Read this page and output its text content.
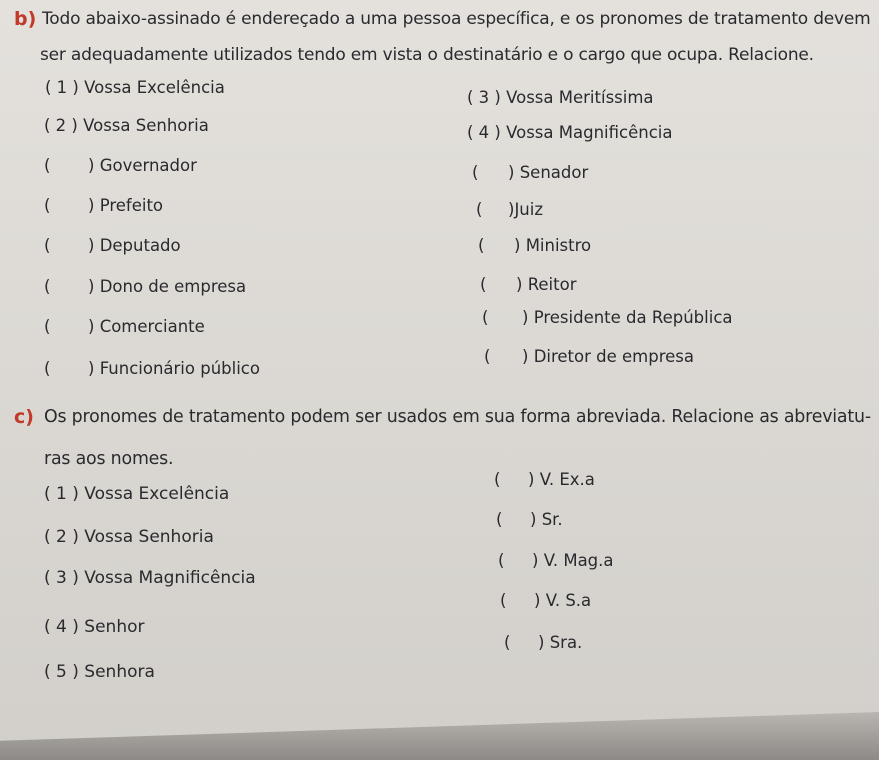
b) Todo abaixo-assinado é endereçado a uma pessoa específica, e os pronomes de tratamento devem
ser adequadamente utilizados tendo em vista o destinatário e o cargo que ocupa. Relacione.
( 1 ) Vossa Excelência
( 2 ) Vossa Senhoria
( 3 ) Vossa Meritíssima
( 4 ) Vossa Magnificência
( ) Governador
( ) Prefeito
( ) Deputado
( ) Dono de empresa
( ) Comerciante
( ) Funcionário público
( ) Senador
( )Juiz
( ) Ministro
( ) Reitor
( ) Presidente da República
( ) Diretor de empresa
c) Os pronomes de tratamento podem ser usados em sua forma abreviada. Relacione as abreviatu-
ras aos nomes.
( 1 ) Vossa Excelência
( 2 ) Vossa Senhoria
( 3 ) Vossa Magnificência
( 4 ) Senhor
( 5 ) Senhora
( ) V. Ex.a
( ) Sr.
( ) V. Mag.a
( ) V. S.a
( ) Sra.
